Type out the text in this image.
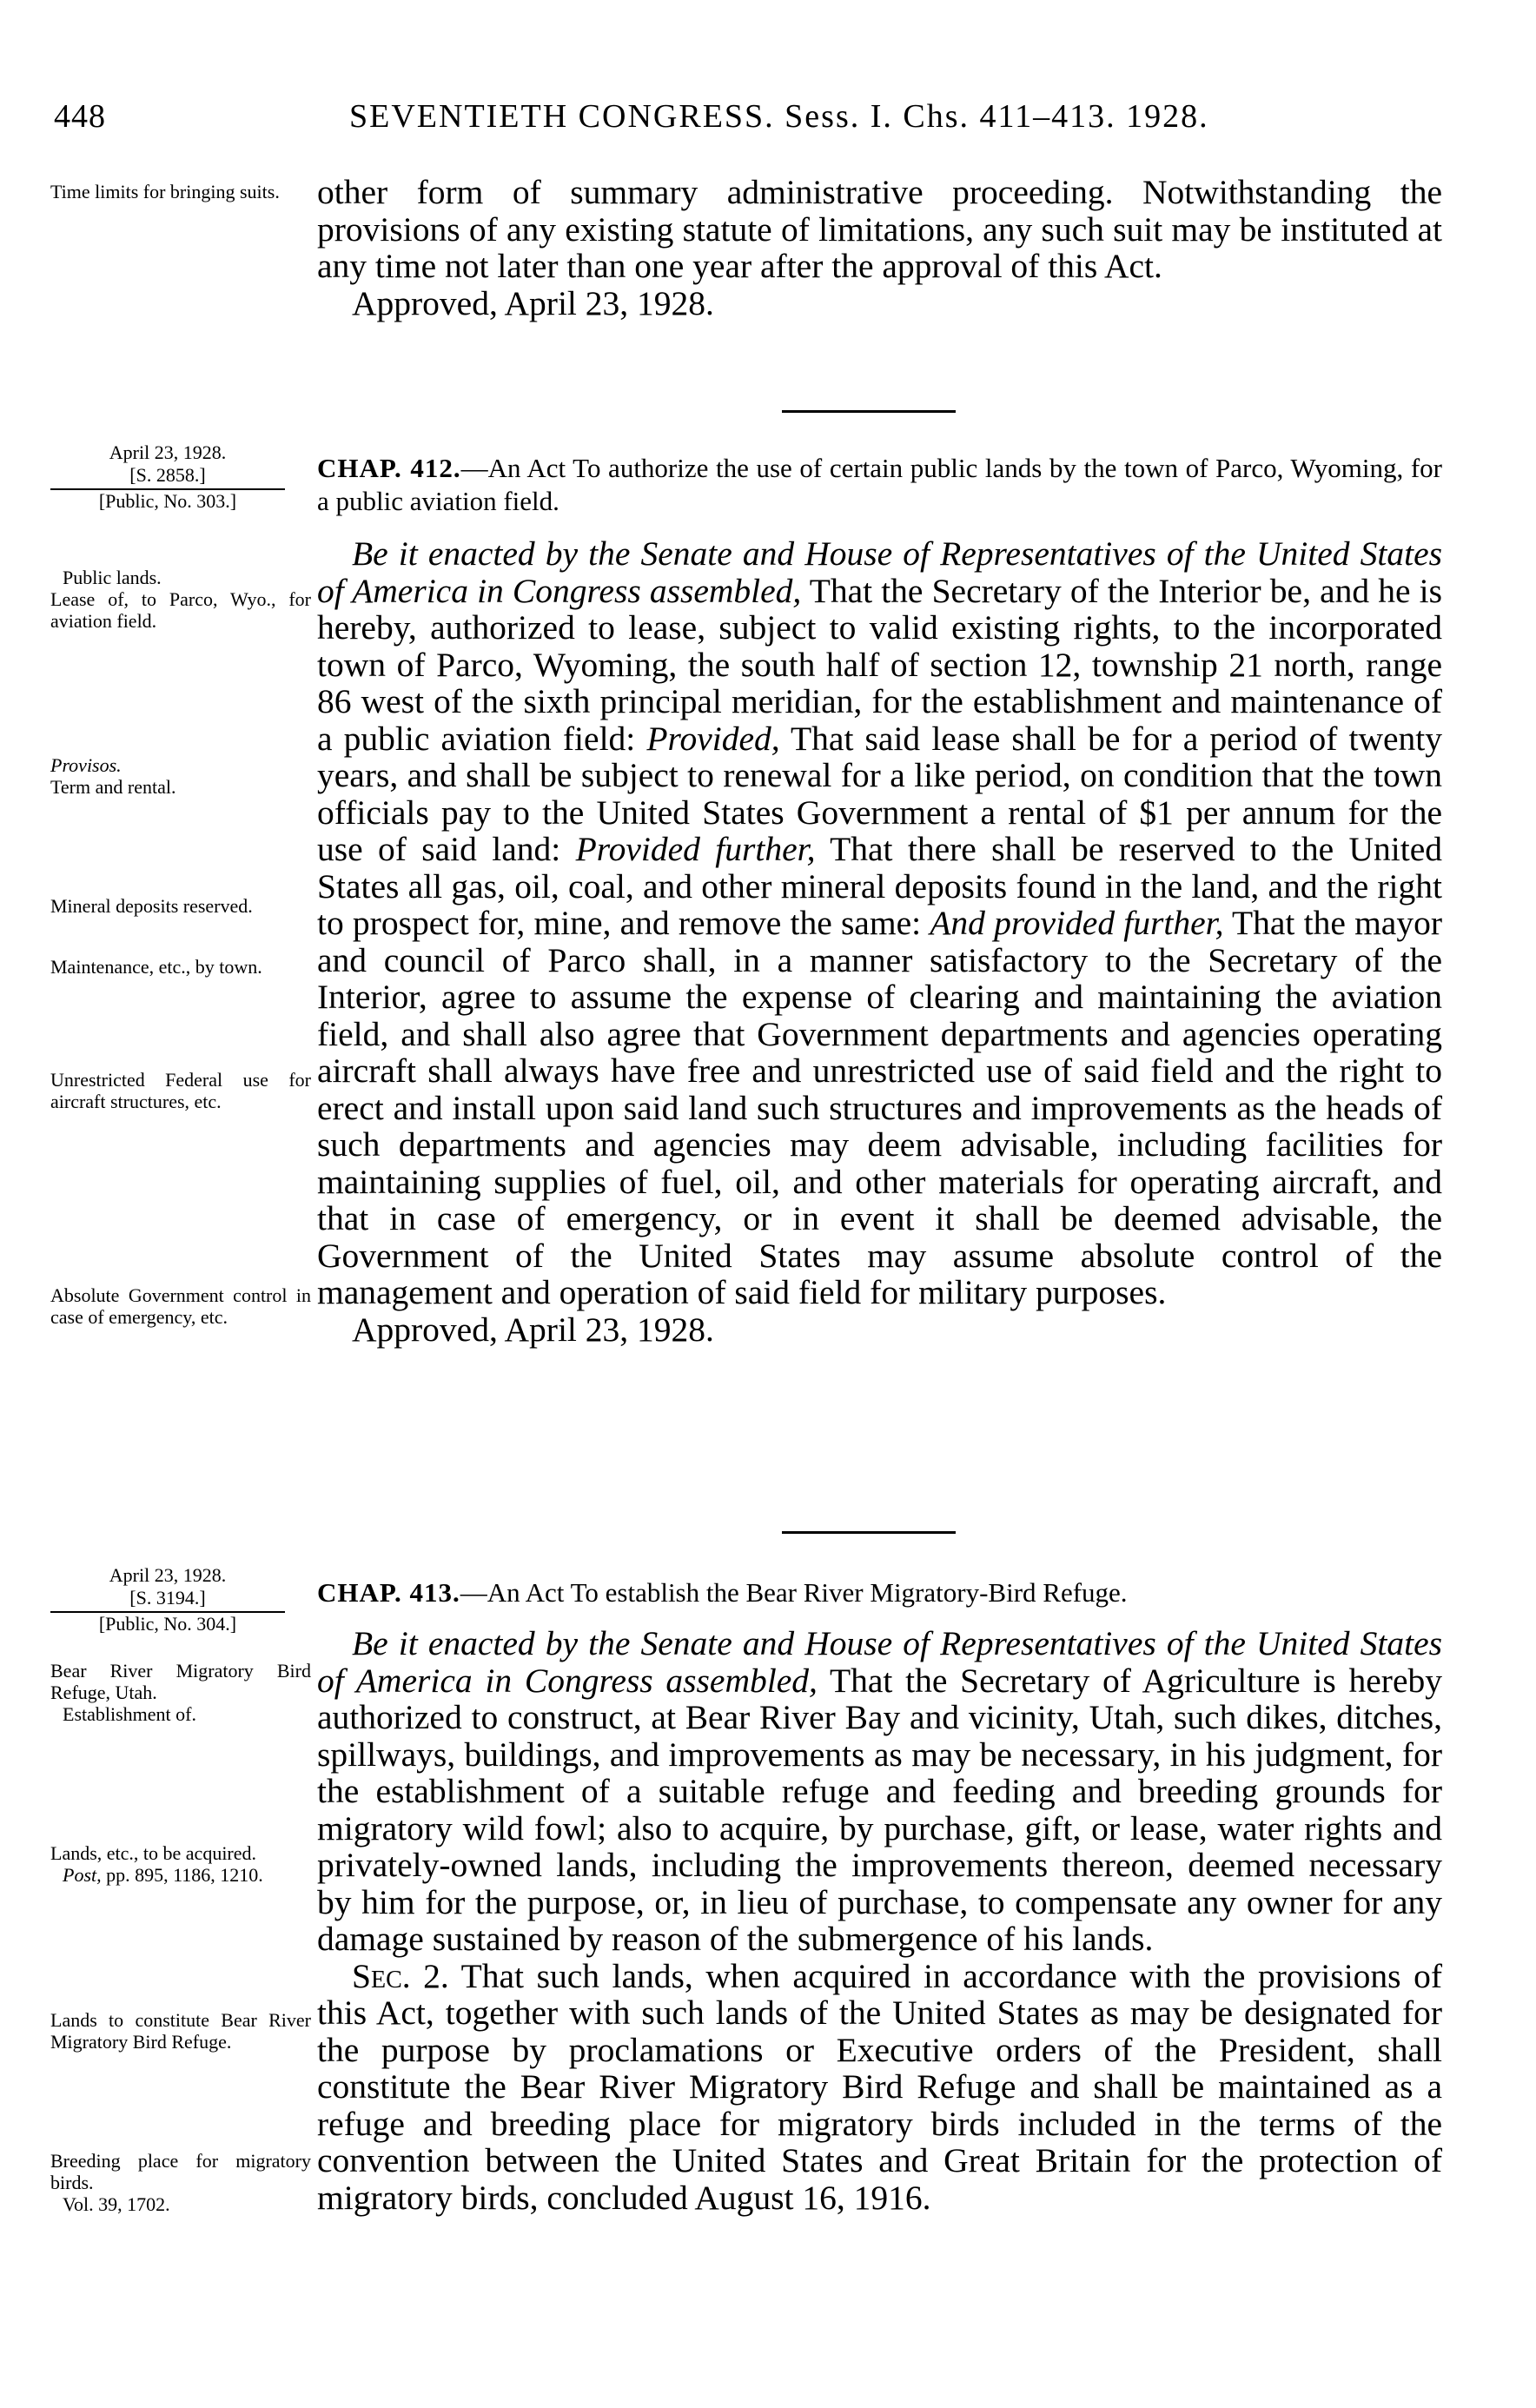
448	SEVENTIETH CONGRESS. Sess. I. Chs. 411–413. 1928.
Time limits for bringing suits.	other form of summary administrative proceeding. Notwithstanding the provisions of any existing statute of limitations, any such suit may be instituted at any time not later than one year after the approval of this Act.

Approved, April 23, 1928.

April 23, 1928.
[S. 2858.]
[Public, No. 303.]
CHAP. 412.—An Act To authorize the use of certain public lands by the town of Parco, Wyoming, for a public aviation field.
Public lands.
Lease of, to Parco, Wyo., for aviation field.
Provisos.
Term and rental.
Mineral deposits reserved.
Maintenance, etc., by town.
Unrestricted Federal use for aircraft structures, etc.
Absolute Government control in case of emergency, etc.

Be it enacted by the Senate and House of Representatives of the United States of America in Congress assembled, That the Secretary of the Interior be, and he is hereby, authorized to lease, subject to valid existing rights, to the incorporated town of Parco, Wyoming, the south half of section 12, township 21 north, range 86 west of the sixth principal meridian, for the establishment and maintenance of a public aviation field: Provided, That said lease shall be for a period of twenty years, and shall be subject to renewal for a like period, on condition that the town officials pay to the United States Government a rental of $1 per annum for the use of said land: Provided further, That there shall be reserved to the United States all gas, oil, coal, and other mineral deposits found in the land, and the right to prospect for, mine, and remove the same: And provided further, That the mayor and council of Parco shall, in a manner satisfactory to the Secretary of the Interior, agree to assume the expense of clearing and maintaining the aviation field, and shall also agree that Government departments and agencies operating aircraft shall always have free and unrestricted use of said field and the right to erect and install upon said land such structures and improvements as the heads of such departments and agencies may deem advisable, including facilities for maintaining supplies of fuel, oil, and other materials for operating aircraft, and that in case of emergency, or in event it shall be deemed advisable, the Government of the United States may assume absolute control of the management and operation of said field for military purposes.

Approved, April 23, 1928.

April 23, 1928.
[S. 3194.]
[Public, No. 304.]
CHAP. 413.—An Act To establish the Bear River Migratory-Bird Refuge.
Bear River Migratory Bird Refuge, Utah.
Establishment of.
Lands, etc., to be acquired.
Post, pp. 895, 1186, 1210.
Lands to constitute Bear River Migratory Bird Refuge.
Breeding place for migratory birds.
Vol. 39, 1702.

Be it enacted by the Senate and House of Representatives of the United States of America in Congress assembled, That the Secretary of Agriculture is hereby authorized to construct, at Bear River Bay and vicinity, Utah, such dikes, ditches, spillways, buildings, and improvements as may be necessary, in his judgment, for the establishment of a suitable refuge and feeding and breeding grounds for migratory wild fowl; also to acquire, by purchase, gift, or lease, water rights and privately-owned lands, including the improvements thereon, deemed necessary by him for the purpose, or, in lieu of purchase, to compensate any owner for any damage sustained by reason of the submergence of his lands.

Sec. 2. That such lands, when acquired in accordance with the provisions of this Act, together with such lands of the United States as may be designated for the purpose by proclamations or Executive orders of the President, shall constitute the Bear River Migratory Bird Refuge and shall be maintained as a refuge and breeding place for migratory birds included in the terms of the convention between the United States and Great Britain for the protection of migratory birds, concluded August 16, 1916.
